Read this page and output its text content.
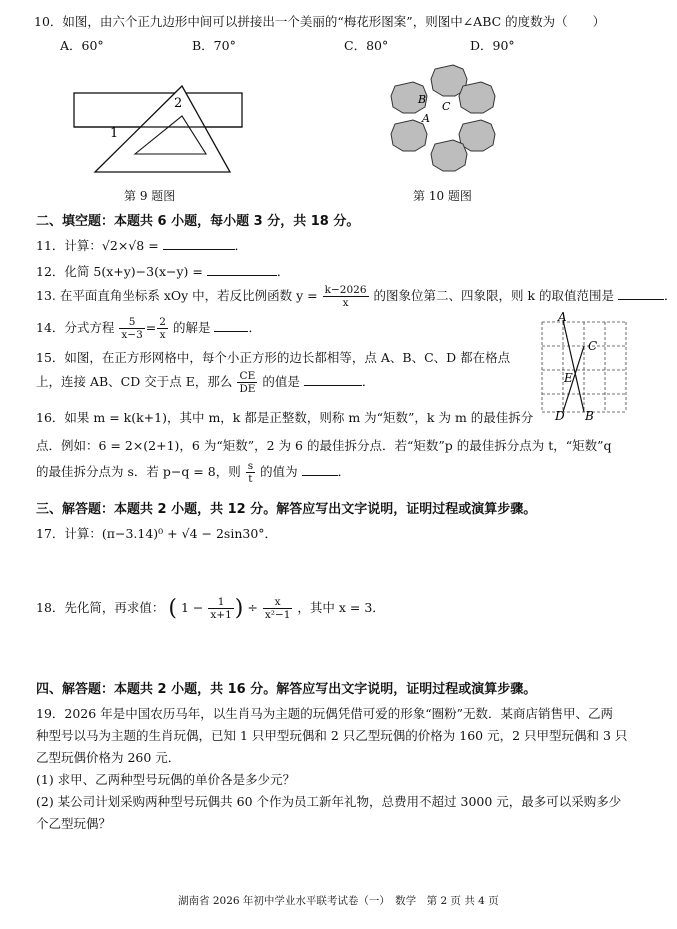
10．如图，由六个正九边形中间可以拼接出一个美丽的“梅花形图案”，则图中∠ABC 的度数为（　　）
A．60°	B．70°	C．80°	D．90°
1
2
第 9 题图
B
C
A
第 10 题图
二、填空题：本题共 6 小题，每小题 3 分，共 18 分。
11．计算：√2×√8 =	．
12．化简 5(x+y)−3(x−y) =	．
13. 在平面直角坐标系 xOy 中，若反比例函数 $y = \frac{k-2026}{x}$ 的图象位第二、四象限，则 k 的取值范围是	．
14．分式方程 $\frac{5}{x-3} = \frac{2}{x}$ 的解是	．
15．如图，在正方形网格中，每个小正方形的边长都相等，点 A、B、C、D 都在格点
上，连接 AB、CD 交于点 E，那么 $\frac{CE}{DE}$ 的值是	．
A
C
E
D B
16．如果 m = k(k+1)，其中 m，k 都是正整数，则称 m 为“矩数”，k 为 m 的最佳拆分
点．例如：6 = 2×(2+1)，6 为“矩数”，2 为 6 的最佳拆分点．若“矩数”p 的最佳拆分点为 t，“矩数”q
的最佳拆分点为 s．若 p−q = 8，则 $\frac{s}{t}$ 的值为	．
三、解答题：本题共 2 小题，共 12 分。解答应写出文字说明，证明过程或演算步骤。
17．计算：(π−3.14)⁰ + √4 − 2sin30°．
18．先化简，再求值： ( $1 - \frac{1}{x+1}$ ) ÷ $\frac{x}{\text{x²−1}}$ ，其中 x = 3．
四、解答题：本题共 2 小题，共 16 分。解答应写出文字说明，证明过程或演算步骤。
19．2026 年是中国农历马年，以生肖马为主题的玩偶凭借可爱的形象“圈粉”无数．某商店销售甲、乙两
种型号以马为主题的生肖玩偶，已知 1 只甲型玩偶和 2 只乙型玩偶的价格为 160 元，2 只甲型玩偶和 3 只
乙型玩偶价格为 260 元．
(1) 求甲、乙两种型号玩偶的单价各是多少元？
(2) 某公司计划采购两种型号玩偶共 60 个作为员工新年礼物，总费用不超过 3000 元，最多可以采购多少
个乙型玩偶？
湖南省 2026 年初中学业水平联考试卷（一）　数学　第 2 页 共 4 页
